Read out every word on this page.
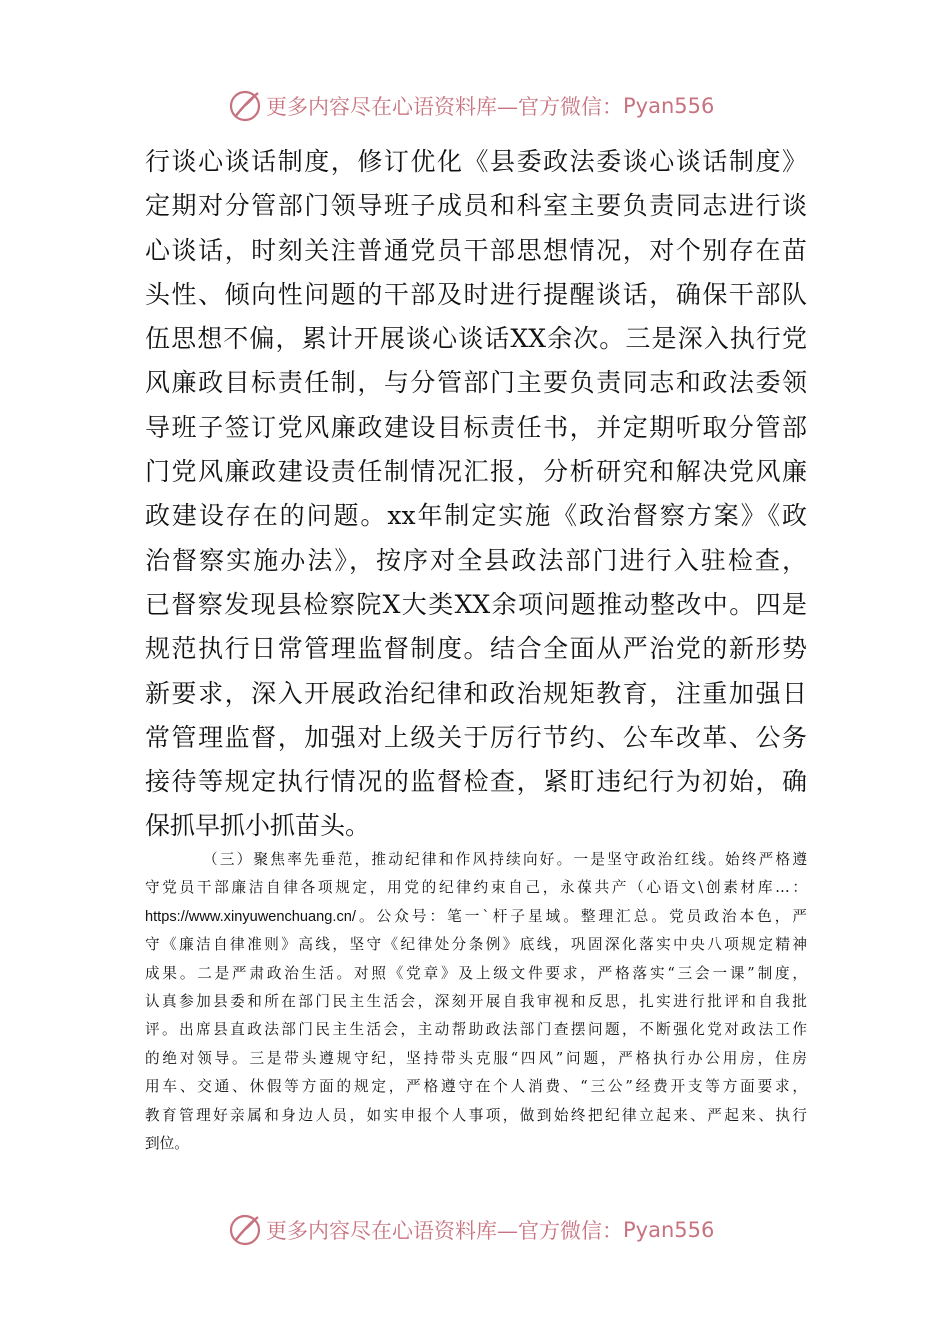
更多内容尽在心语资料库—官方微信： Pyan556
行谈心谈话制度，修订优化《县委政法委谈心谈话制度》
定期对分管部门领导班子成员和科室主要负责同志进行谈
心谈话，时刻关注普通党员干部思想情况，对个别存在苗
头性、倾向性问题的干部及时进行提醒谈话，确保干部队
伍思想不偏，累计开展谈心谈话XX余次。三是深入执行党
风廉政目标责任制，与分管部门主要负责同志和政法委领
导班子签订党风廉政建设目标责任书，并定期听取分管部
门党风廉政建设责任制情况汇报，分析研究和解决党风廉
政建设存在的问题。xx年制定实施《政治督察方案》《政
治督察实施办法》，按序对全县政法部门进行入驻检查，
已督察发现县检察院X大类XX余项问题推动整改中。四是
规范执行日常管理监督制度。结合全面从严治党的新形势
新要求，深入开展政治纪律和政治规矩教育，注重加强日
常管理监督，加强对上级关于厉行节约、公车改革、公务
接待等规定执行情况的监督检查，紧盯违纪行为初始，确
保抓早抓小抓苗头。
（三）聚焦率先垂范，推动纪律和作风持续向好。一是坚守政治红线。始终严格遵
守党员干部廉洁自律各项规定，用党的纪律约束自己，永葆共产（心语文\创素材库…：
https://www.xinyuwenchuang.cn/。公众号：笔一`杆子星域。整理汇总。党员政治本色，严
守《廉洁自律准则》高线，坚守《纪律处分条例》底线，巩固深化落实中央八项规定精神
成果。二是严肃政治生活。对照《党章》及上级文件要求，严格落实“三会一课”制度，
认真参加县委和所在部门民主生活会，深刻开展自我审视和反思，扎实进行批评和自我批
评。出席县直政法部门民主生活会，主动帮助政法部门查摆问题，不断强化党对政法工作
的绝对领导。三是带头遵规守纪，坚持带头克服“四风”问题，严格执行办公用房，住房
用车、交通、休假等方面的规定，严格遵守在个人消费、“三公”经费开支等方面要求，
教育管理好亲属和身边人员，如实申报个人事项，做到始终把纪律立起来、严起来、执行
到位。
更多内容尽在心语资料库—官方微信： Pyan556
